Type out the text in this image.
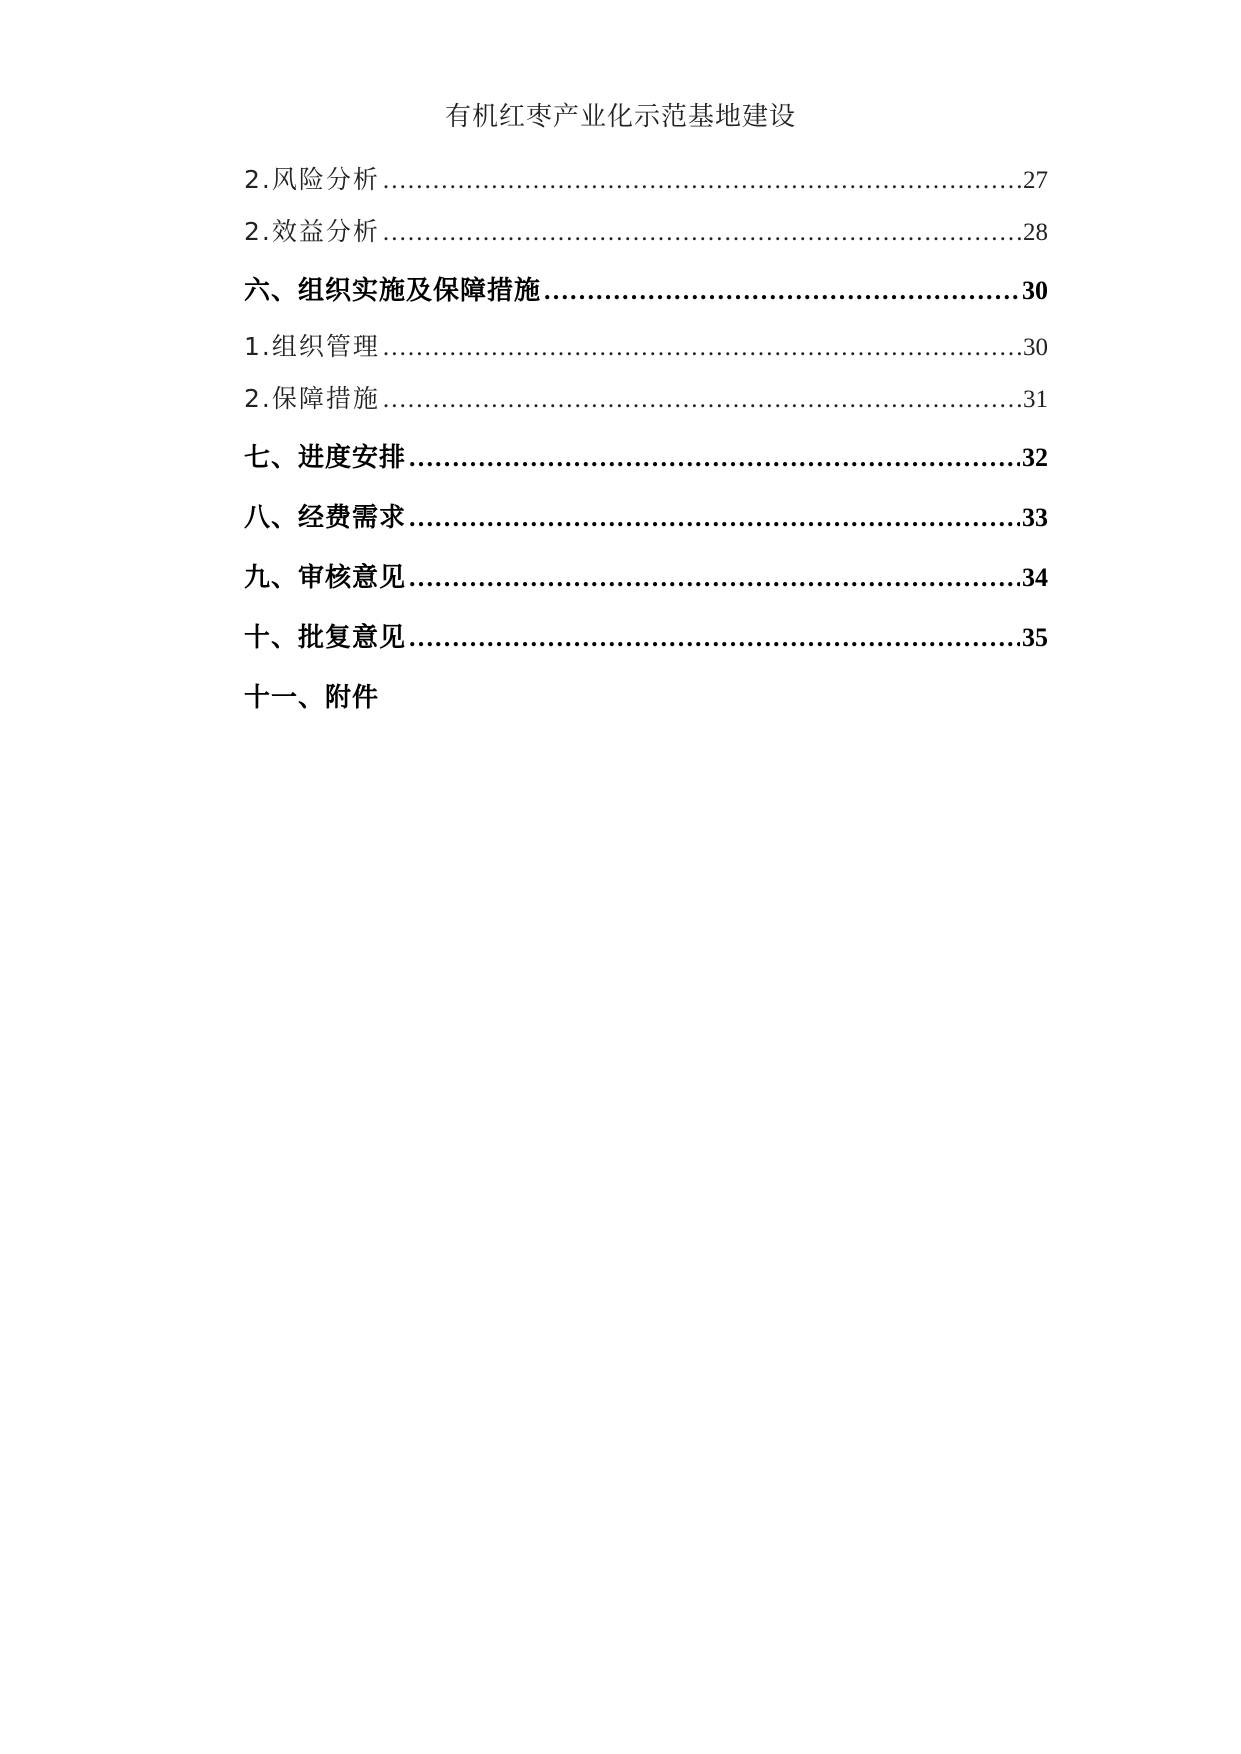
有机红枣产业化示范基地建设
2.风险分析 ……………………………………………………………………………………………………………………………………………………	27
2.效益分析 ……………………………………………………………………………………………………………………………………………………	28
六、组织实施及保障措施 ……………………………………………………………………………………………………………………………………………………	30
1.组织管理 ……………………………………………………………………………………………………………………………………………………	30
2.保障措施 ……………………………………………………………………………………………………………………………………………………	31
七、进度安排 ……………………………………………………………………………………………………………………………………………………	32
八、经费需求 ……………………………………………………………………………………………………………………………………………………	33
九、审核意见 ……………………………………………………………………………………………………………………………………………………	34
十、批复意见 ……………………………………………………………………………………………………………………………………………………	35
十一、附件
